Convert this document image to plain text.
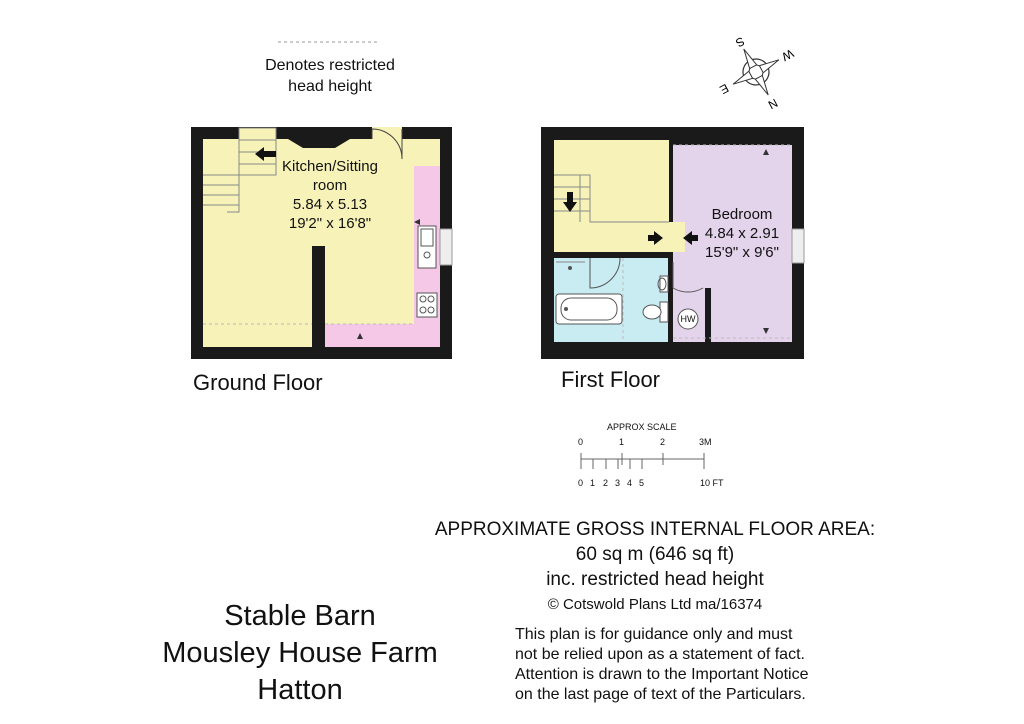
S
N
E
W
Denotes restricted
head height
Kitchen/Sitting
room
5.84 x 5.13
19'2" x 16'8"
Bedroom
4.84 x 2.91
15'9" x 9'6"
HW
Ground Floor	First Floor
APPROX SCALE
0	1	2	3M
0 1 2 3 4 5	10 FT
APPROXIMATE GROSS INTERNAL FLOOR AREA:
60 sq m (646 sq ft)
inc. restricted head height
© Cotswold Plans Ltd ma/16374
Stable Barn
Mousley House Farm
Hatton
This plan is for guidance only and must
not be relied upon as a statement of fact.
Attention is drawn to the Important Notice
on the last page of text of the Particulars.
